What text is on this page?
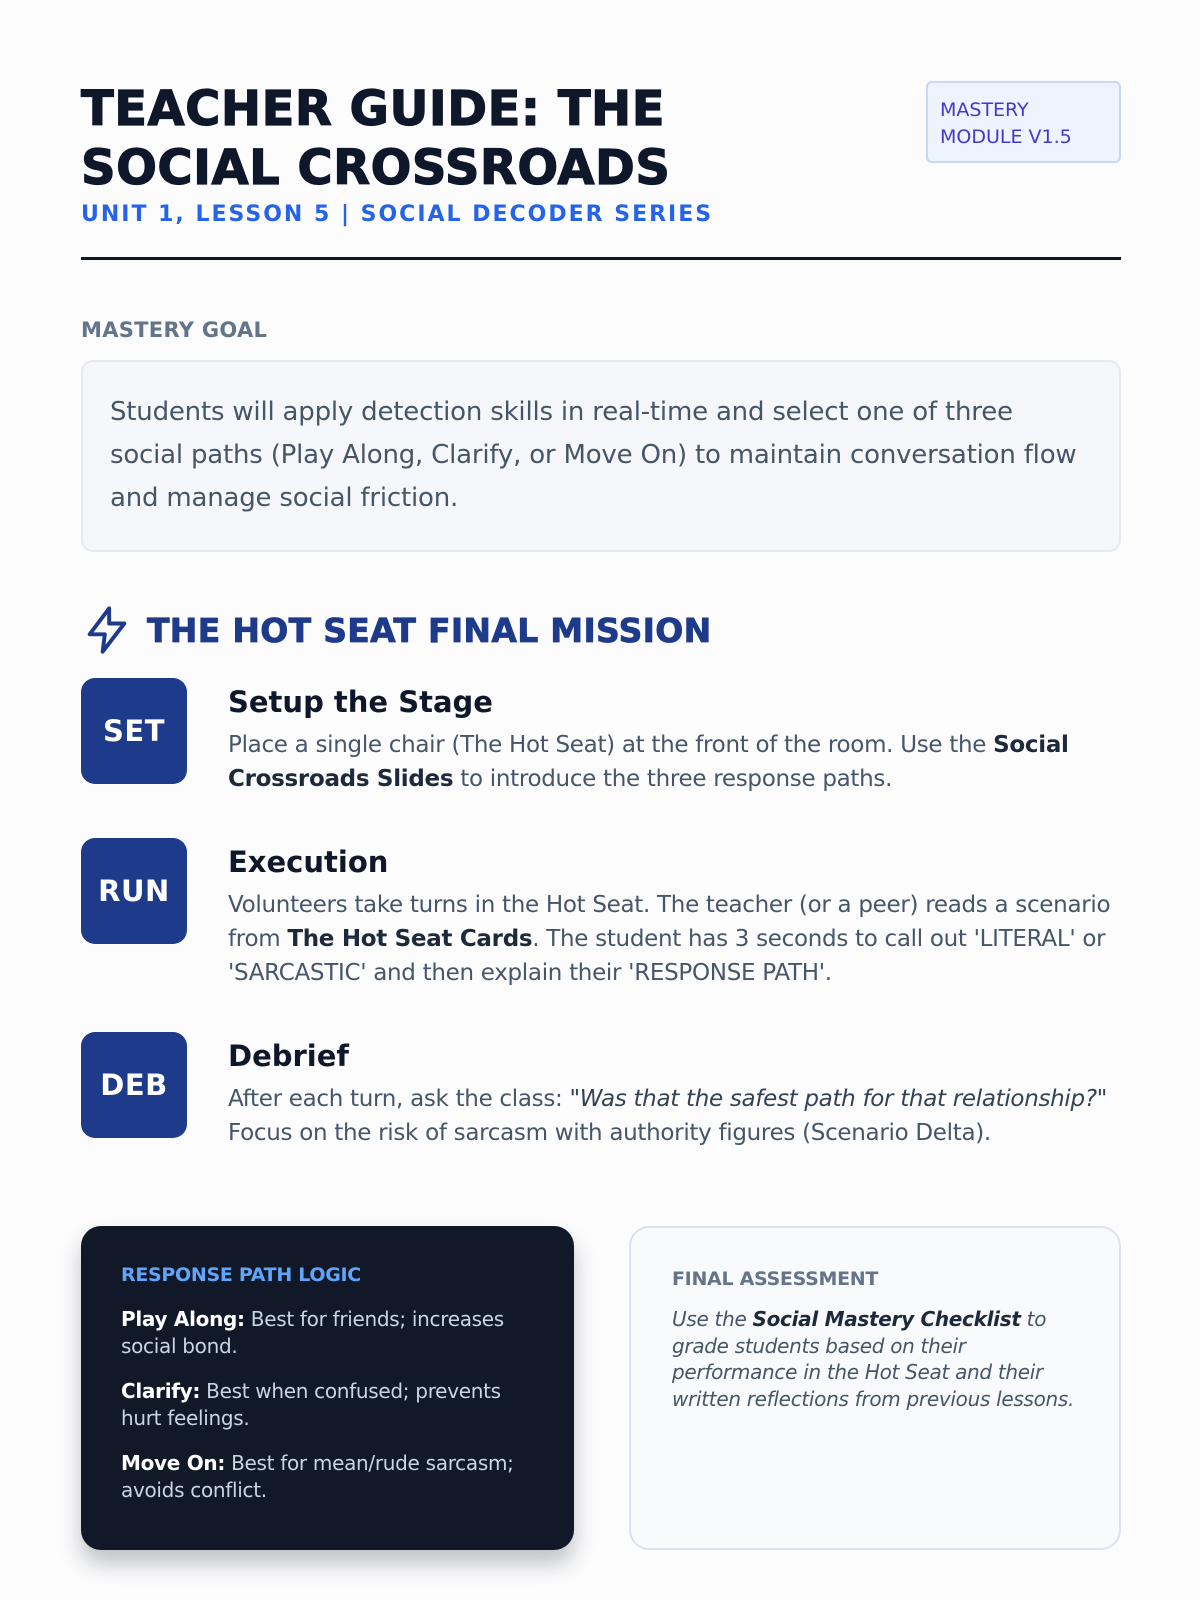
TEACHER GUIDE: THE SOCIAL CROSSROADS
UNIT 1, LESSON 5 | SOCIAL DECODER SERIES
MASTERY MODULE V1.5
MASTERY GOAL
Students will apply detection skills in real-time and select one of three social paths (Play Along, Clarify, or Move On) to maintain conversation flow and manage social friction.
THE HOT SEAT FINAL MISSION
SET
Setup the Stage
Place a single chair (The Hot Seat) at the front of the room. Use the Social Crossroads Slides to introduce the three response paths.
RUN
Execution
Volunteers take turns in the Hot Seat. The teacher (or a peer) reads a scenario from The Hot Seat Cards. The student has 3 seconds to call out 'LITERAL' or 'SARCASTIC' and then explain their 'RESPONSE PATH'.
DEB
Debrief
After each turn, ask the class: "Was that the safest path for that relationship?" Focus on the risk of sarcasm with authority figures (Scenario Delta).
RESPONSE PATH LOGIC
Play Along: Best for friends; increases social bond.
Clarify: Best when confused; prevents hurt feelings.
Move On: Best for mean/rude sarcasm; avoids conflict.
FINAL ASSESSMENT
Use the Social Mastery Checklist to grade students based on their performance in the Hot Seat and their written reflections from previous lessons.
